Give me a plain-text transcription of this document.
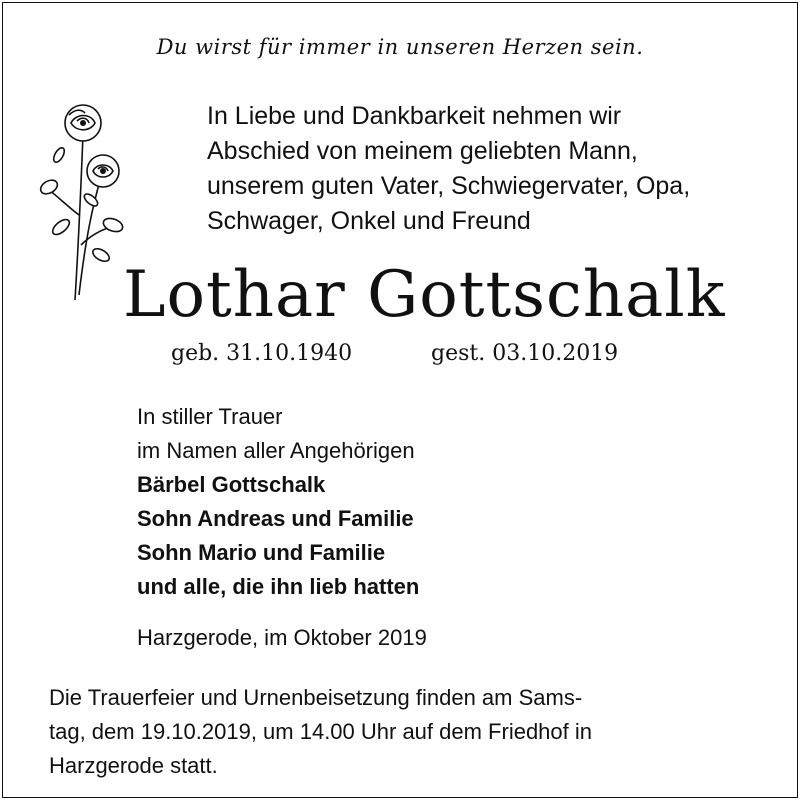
Du wirst für immer in unseren Herzen sein.
In Liebe und Dankbarkeit nehmen wir
Abschied von meinem geliebten Mann,
unserem guten Vater, Schwiegervater, Opa,
Schwager, Onkel und Freund
Lothar Gottschalk
geb. 31.10.1940	gest. 03.10.2019
In stiller Trauer
im Namen aller Angehörigen
Bärbel Gottschalk
Sohn Andreas und Familie
Sohn Mario und Familie
und alle, die ihn lieb hatten
Harzgerode, im Oktober 2019
Die Trauerfeier und Urnenbeisetzung finden am Sams-
tag, dem 19.10.2019, um 14.00 Uhr auf dem Friedhof in
Harzgerode statt.
